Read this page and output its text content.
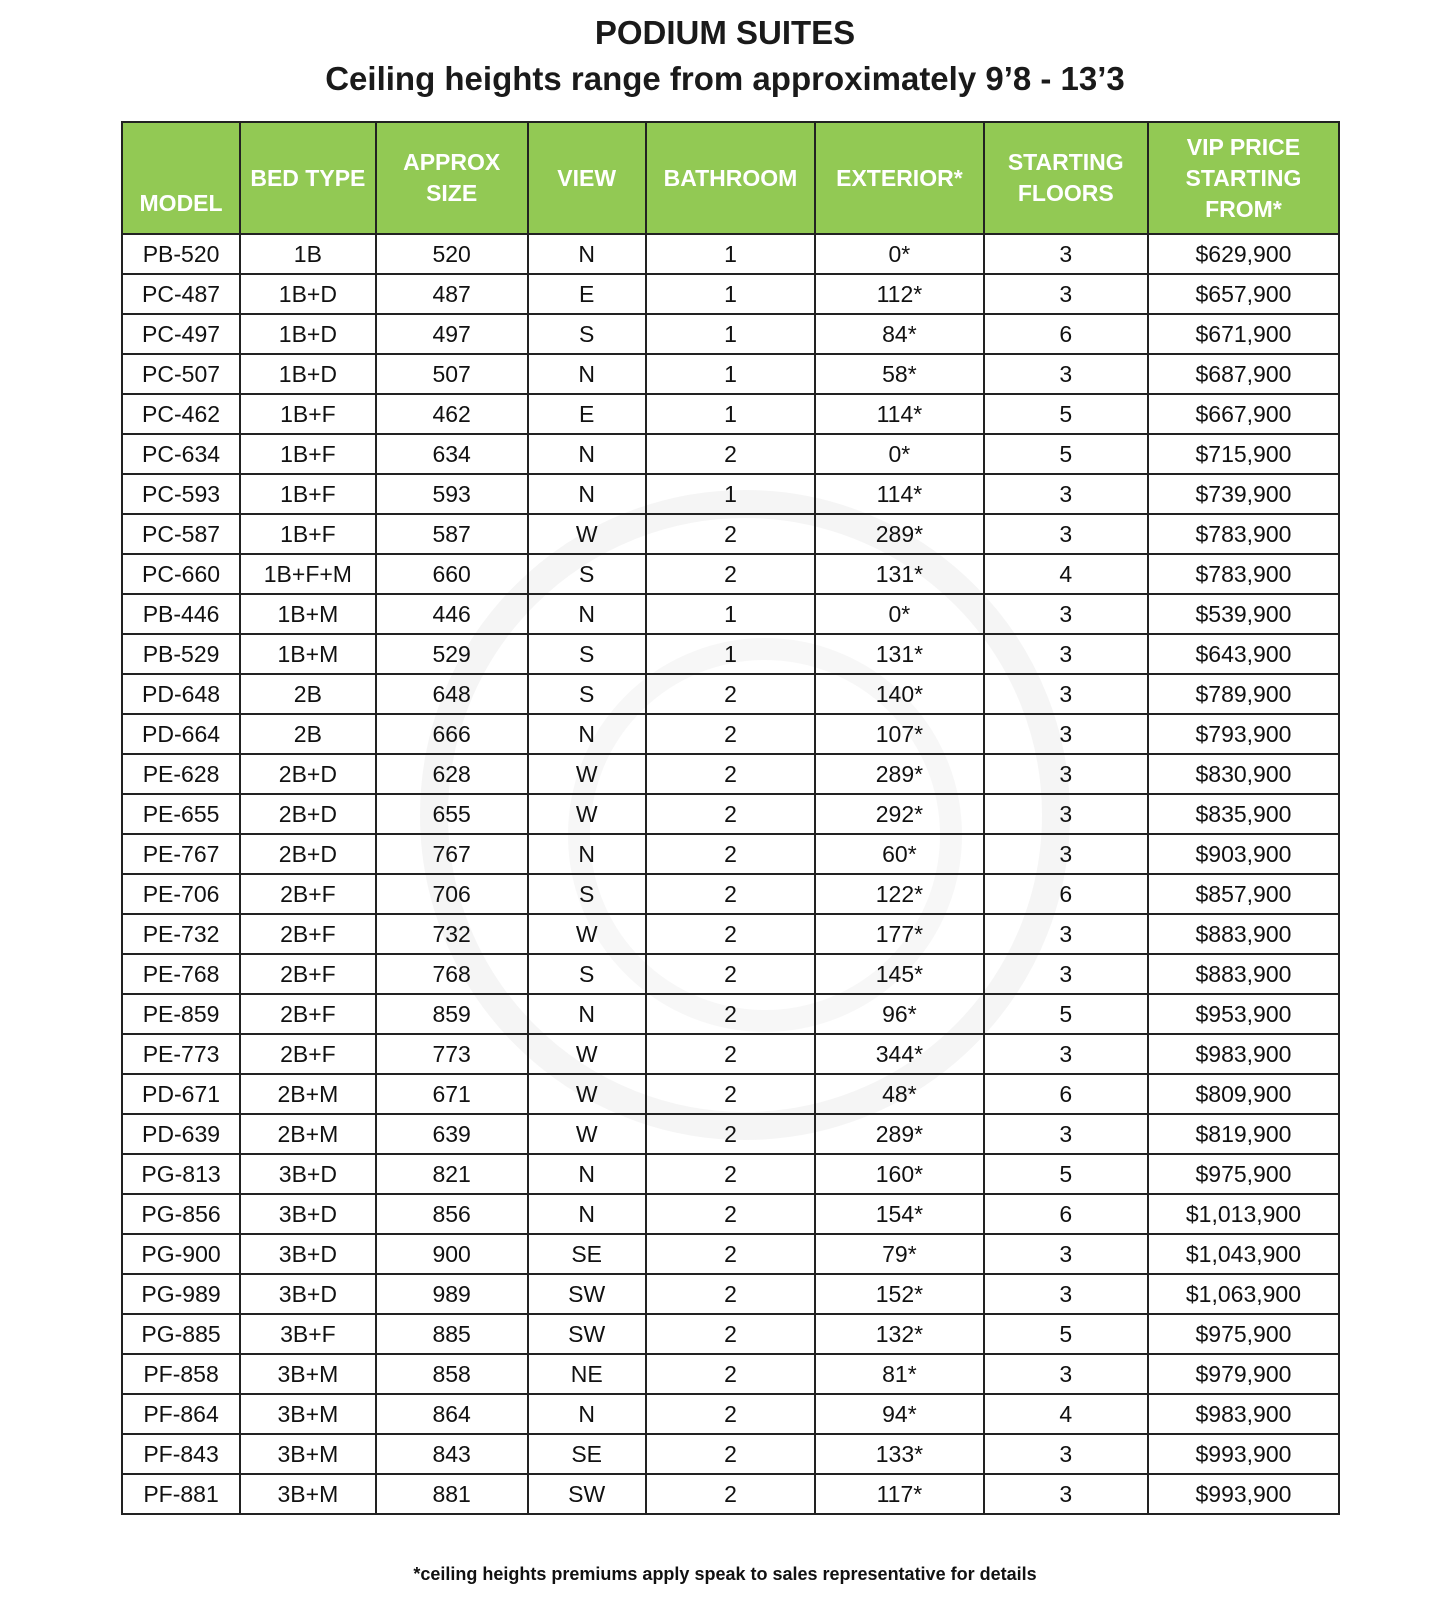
PODIUM SUITES
Ceiling heights range from approximately 9’8 - 13’3
MODEL	BED TYPE	APPROX SIZE	VIEW	BATHROOM	EXTERIOR*	STARTING FLOORS	VIP PRICE STARTING FROM*
PB-520	1B	520	N	1	0*	3	$629,900
PC-487	1B+D	487	E	1	112*	3	$657,900
PC-497	1B+D	497	S	1	84*	6	$671,900
PC-507	1B+D	507	N	1	58*	3	$687,900
PC-462	1B+F	462	E	1	114*	5	$667,900
PC-634	1B+F	634	N	2	0*	5	$715,900
PC-593	1B+F	593	N	1	114*	3	$739,900
PC-587	1B+F	587	W	2	289*	3	$783,900
PC-660	1B+F+M	660	S	2	131*	4	$783,900
PB-446	1B+M	446	N	1	0*	3	$539,900
PB-529	1B+M	529	S	1	131*	3	$643,900
PD-648	2B	648	S	2	140*	3	$789,900
PD-664	2B	666	N	2	107*	3	$793,900
PE-628	2B+D	628	W	2	289*	3	$830,900
PE-655	2B+D	655	W	2	292*	3	$835,900
PE-767	2B+D	767	N	2	60*	3	$903,900
PE-706	2B+F	706	S	2	122*	6	$857,900
PE-732	2B+F	732	W	2	177*	3	$883,900
PE-768	2B+F	768	S	2	145*	3	$883,900
PE-859	2B+F	859	N	2	96*	5	$953,900
PE-773	2B+F	773	W	2	344*	3	$983,900
PD-671	2B+M	671	W	2	48*	6	$809,900
PD-639	2B+M	639	W	2	289*	3	$819,900
PG-813	3B+D	821	N	2	160*	5	$975,900
PG-856	3B+D	856	N	2	154*	6	$1,013,900
PG-900	3B+D	900	SE	2	79*	3	$1,043,900
PG-989	3B+D	989	SW	2	152*	3	$1,063,900
PG-885	3B+F	885	SW	2	132*	5	$975,900
PF-858	3B+M	858	NE	2	81*	3	$979,900
PF-864	3B+M	864	N	2	94*	4	$983,900
PF-843	3B+M	843	SE	2	133*	3	$993,900
PF-881	3B+M	881	SW	2	117*	3	$993,900
*ceiling heights premiums apply speak to sales representative for details
